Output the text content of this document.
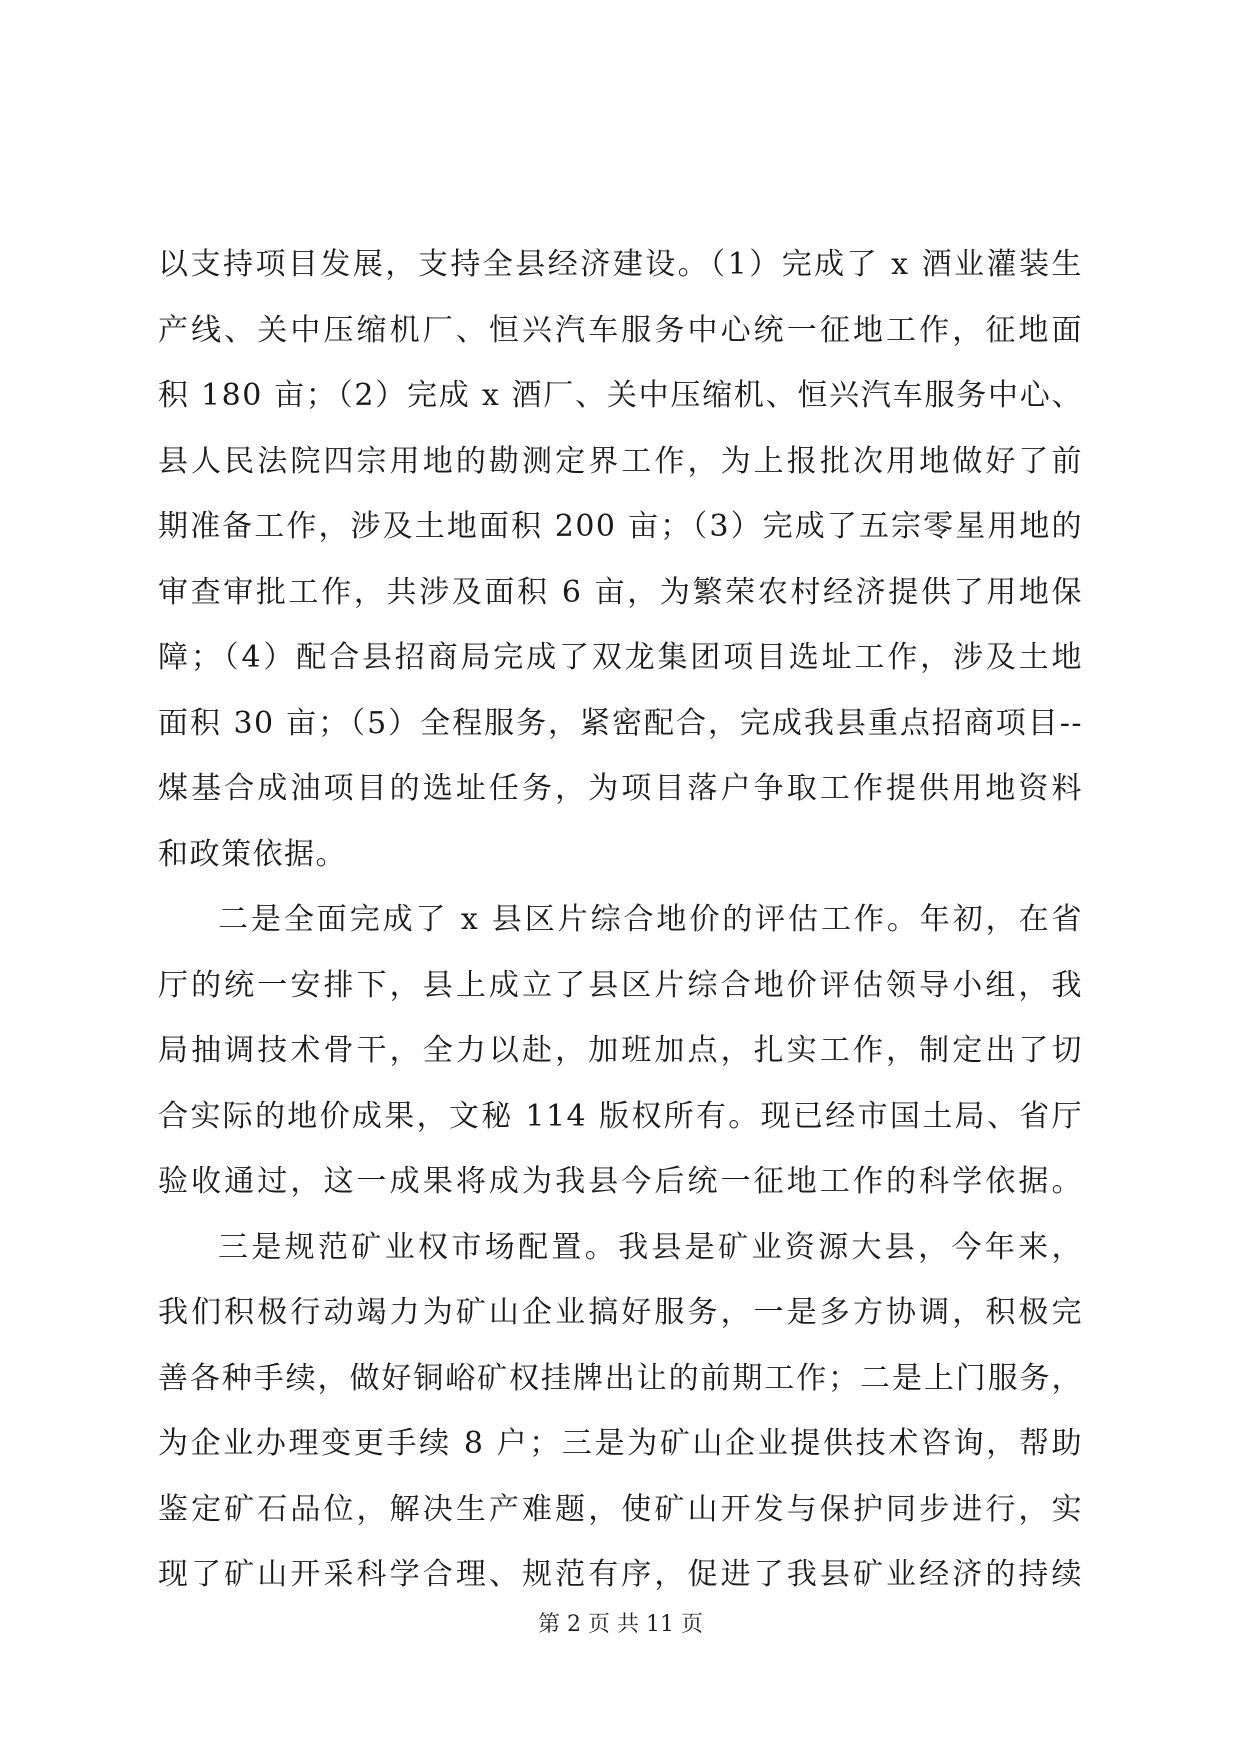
以支持项目发展，支持全县经济建设。（1）完成了 x 酒业灌装生
产线、关中压缩机厂、恒兴汽车服务中心统一征地工作，征地面
积 180 亩；（2）完成 x 酒厂、关中压缩机、恒兴汽车服务中心、
县人民法院四宗用地的勘测定界工作，为上报批次用地做好了前
期准备工作，涉及土地面积 200 亩；（3）完成了五宗零星用地的
审查审批工作，共涉及面积 6 亩，为繁荣农村经济提供了用地保
障；（4）配合县招商局完成了双龙集团项目选址工作，涉及土地
面积 30 亩；（5）全程服务，紧密配合，完成我县重点招商项目--
煤基合成油项目的选址任务，为项目落户争取工作提供用地资料
和政策依据。
二是全面完成了 x 县区片综合地价的评估工作。年初，在省
厅的统一安排下，县上成立了县区片综合地价评估领导小组，我
局抽调技术骨干，全力以赴，加班加点，扎实工作，制定出了切
合实际的地价成果，文秘 114 版权所有。现已经市国土局、省厅
验收通过，这一成果将成为我县今后统一征地工作的科学依据。
三是规范矿业权市场配置。我县是矿业资源大县，今年来，
我们积极行动竭力为矿山企业搞好服务，一是多方协调，积极完
善各种手续，做好铜峪矿权挂牌出让的前期工作；二是上门服务，
为企业办理变更手续 8 户；三是为矿山企业提供技术咨询，帮助
鉴定矿石品位，解决生产难题，使矿山开发与保护同步进行，实
现了矿山开采科学合理、规范有序，促进了我县矿业经济的持续
第 2 页 共 11 页
